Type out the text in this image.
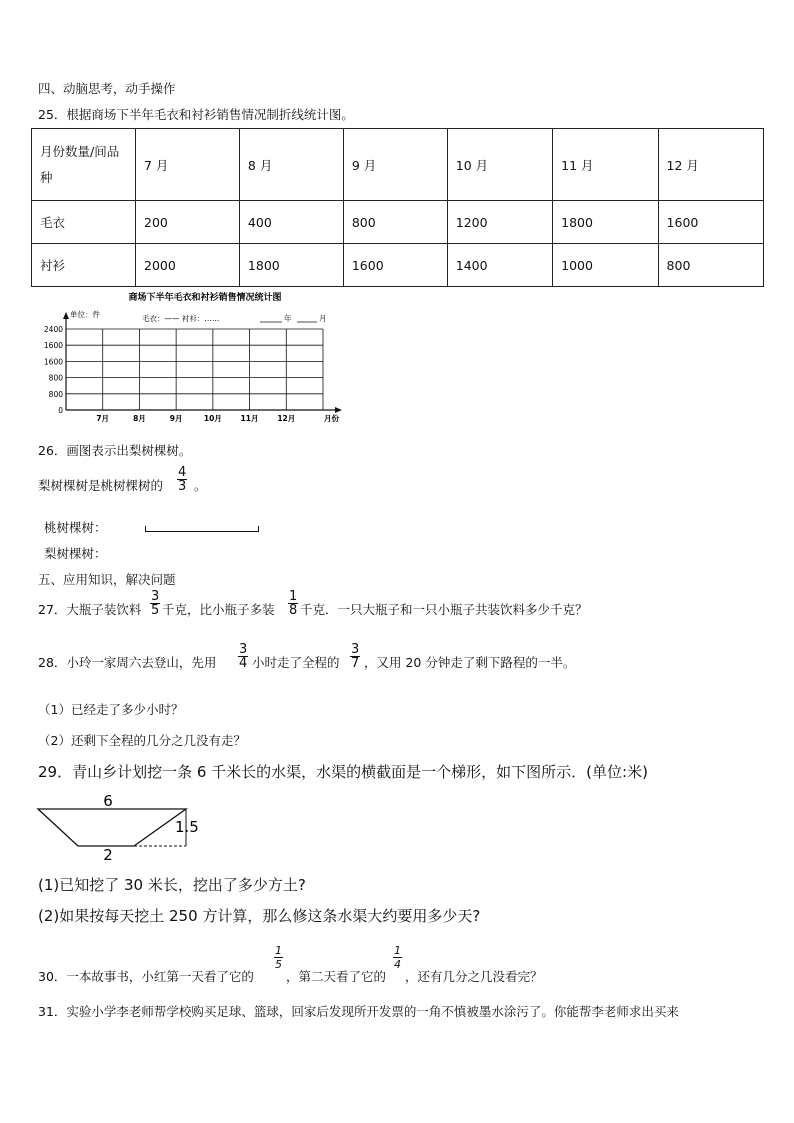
四、动脑思考，动手操作
25．根据商场下半年毛衣和衬衫销售情况制折线统计图。
月份数量/间品
种	7 月	8 月	9 月	10 月	11 月	12 月
毛衣	200	400	800	1200	1800	1600
衬衫	2000	1800	1600	1400	1000	800
商场下半年毛衣和衬衫销售情况统计图
单位：件	毛衣：—— 衬衫：……	年	月
2400
1600
1600
800
800
0
7月	8月	9月	10月	11月	12月	月份
26．画图表示出梨树棵树。
梨树棵树是桃树棵树的 $\frac{4}{3}$ 。
桃树棵树：
梨树棵树：
五、应用知识，解决问题
27．大瓶子装饮料 $\frac{3}{5}$ 千克，比小瓶子多装 $\frac{1}{8}$ 千克．一只大瓶子和一只小瓶子共装饮料多少千克？
28．小玲一家周六去登山，先用 $\frac{3}{4}$ 小时走了全程的 $\frac{3}{7}$ ，又用 20 分钟走了剩下路程的一半。
（1）已经走了多少小时？
（2）还剩下全程的几分之几没有走？
29．青山乡计划挖一条 6 千米长的水渠，水渠的横截面是一个梯形，如下图所示．(单位:米)
6
1.5
2
(1)已知挖了 30 米长，挖出了多少方土?
(2)如果按每天挖土 250 方计算，那么修这条水渠大约要用多少天?
30．一本故事书，小红第一天看了它的
$\frac{1}{5}$
，第二天看了它的
$\frac{1}{4}$
，还有几分之几没看完？
31．实验小学李老师帮学校购买足球、篮球，回家后发现所开发票的一角不慎被墨水涂污了。你能帮李老师求出买来
